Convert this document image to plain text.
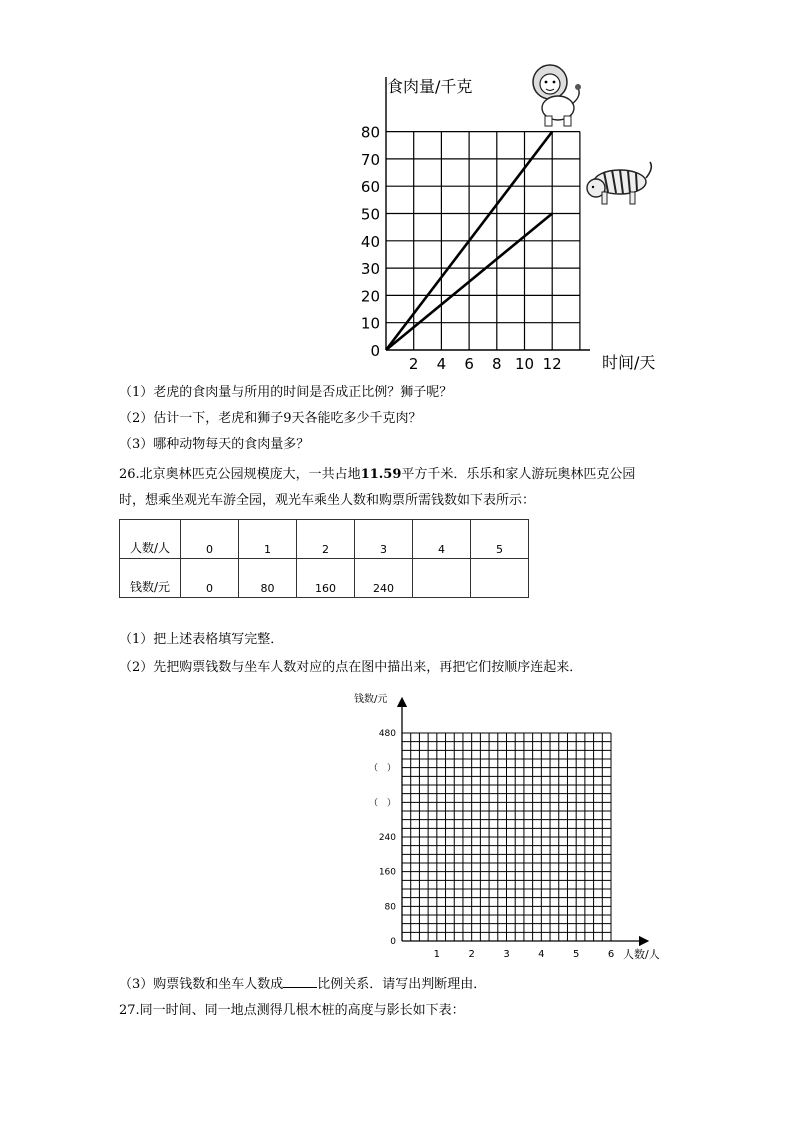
0
10
20
30
40
50
60
70
80
2 4 6 8 10 12
食肉量/千克
时间/天
（1）老虎的食肉量与所用的时间是否成正比例？狮子呢？
（2）估计一下，老虎和狮子9天各能吃多少千克肉？
（3）哪种动物每天的食肉量多？
26.北京奥林匹克公园规模庞大，一共占地11.59平方千米．乐乐和家人游玩奥林匹克公园
时，想乘坐观光车游全园，观光车乘坐人数和购票所需钱数如下表所示：
人数/人	0	1	2	3	4	5
钱数/元	0	80	160	240		
（1）把上述表格填写完整．
（2）先把购票钱数与坐车人数对应的点在图中描出来，再把它们按顺序连起来．
0
80
160
240
（　）
（　）
480
1	2	3	4	5	6
钱数/元
人数/人
（3）购票钱数和坐车人数成	比例关系．请写出判断理由．
27.同一时间、同一地点测得几根木桩的高度与影长如下表：
